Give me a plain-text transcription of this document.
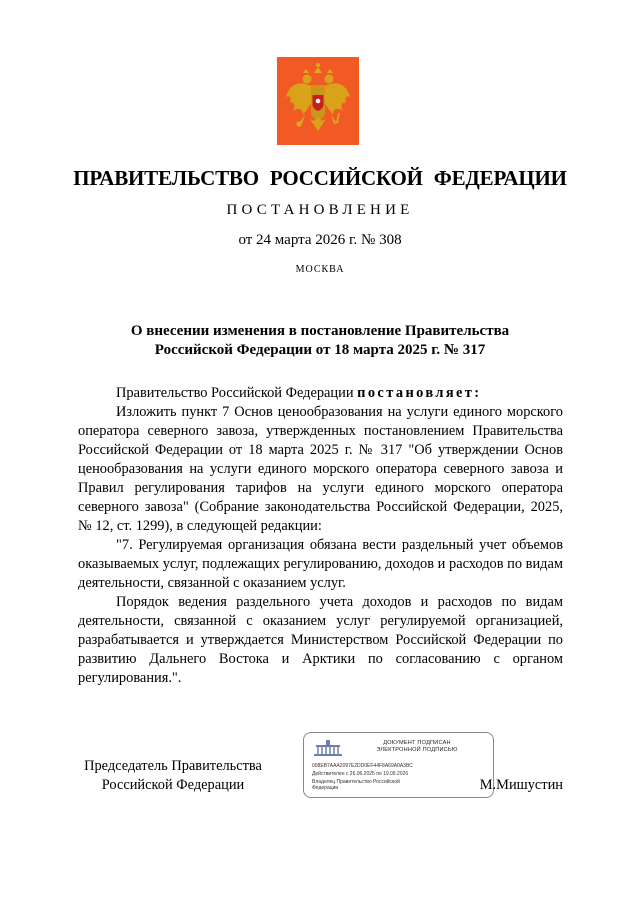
ПРАВИТЕЛЬСТВО РОССИЙСКОЙ ФЕДЕРАЦИИ
ПОСТАНОВЛЕНИЕ
от 24 марта 2026 г. № 308
МОСКВА
О внесении изменения в постановление Правительства
Российской Федерации от 18 марта 2025 г. № 317

Правительство Российской Федерации постановляет:

Изложить пункт 7 Основ ценообразования на услуги единого морского оператора северного завоза, утвержденных постановлением Правительства Российской Федерации от 18 марта 2025 г. № 317 "Об утверждении Основ ценообразования на услуги единого морского оператора северного завоза и Правил регулирования тарифов на услуги единого морского оператора северного завоза" (Собрание законодательства Российской Федерации, 2025, № 12, ст. 1299), в следующей редакции:

"7. Регулируемая организация обязана вести раздельный учет объемов оказываемых услуг, подлежащих регулированию, доходов и расходов по видам деятельности, связанной с оказанием услуг.

Порядок ведения раздельного учета доходов и расходов по видам деятельности, связанной с оказанием услуг регулируемой организацией, разрабатывается и утверждается Министерством Российской Федерации по развитию Дальнего Востока и Арктики по согласованию с органом регулирования.".

Председатель Правительства
Российской Федерации
ДОКУМЕНТ ПОДПИСАН
ЭЛЕКТРОННОЙ ПОДПИСЬЮ
008EB7AAA2097E2DD0EF44F8A69A0A3BC
Действителен с 26.06.2025 по 19.09.2026
Владелец Правительство Российской
Федерации	М.Мишустин
